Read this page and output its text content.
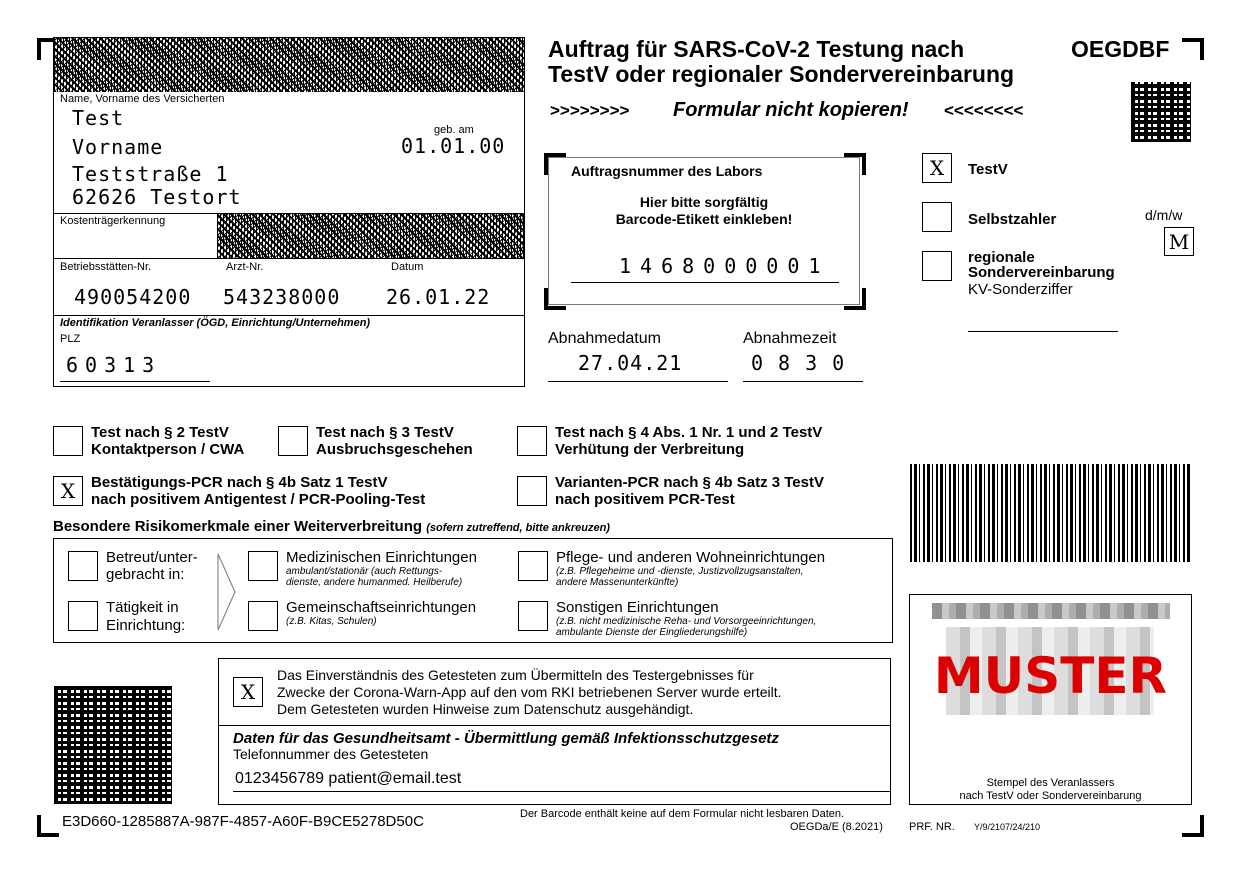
Name, Vorname des Versicherten
Test
Vorname
geb. am
01.01.00
Teststraße 1
62626 Testort
Kostenträgerkennung
Betriebsstätten-Nr.	Arzt-Nr.	Datum
490054200 543238000 26.01.22
Identifikation Veranlasser (ÖGD, Einrichtung/Unternehmen)
PLZ
60313
Auftrag für SARS-CoV-2 Testung nach
TestV oder regionaler Sondervereinbarung
OEGDBF
>>>>>>>> Formular nicht kopieren! <<<<<<<<
Auftragsnummer des Labors
Hier bitte sorgfältig
Barcode-Etikett einkleben!
1468000001
Abnahmedatum
27.04.21
Abnahmezeit
0830
X	TestV
Selbstzahler	d/m/w
M
regionale
Sondervereinbarung
KV-Sonderziffer
Test nach § 2 TestV
Kontaktperson / CWA
Test nach § 3 TestV
Ausbruchsgeschehen
Test nach § 4 Abs. 1 Nr. 1 und 2 TestV
Verhütung der Verbreitung
X	Bestätigungs-PCR nach § 4b Satz 1 TestV
nach positivem Antigentest / PCR-Pooling-Test
Varianten-PCR nach § 4b Satz 3 TestV
nach positivem PCR-Test
Besondere Risikomerkmale einer Weiterverbreitung (sofern zutreffend, bitte ankreuzen)
Betreut/unter-
gebracht in:
Tätigkeit in
Einrichtung:
Medizinischen Einrichtungen
ambulant/stationär (auch Rettungs-
dienste, andere humanmed. Heilberufe)
Pflege- und anderen Wohneinrichtungen
(z.B. Pflegeheime und -dienste, Justizvollzugsanstalten,
andere Massenunterkünfte)
Gemeinschaftseinrichtungen
(z.B. Kitas, Schulen)
Sonstigen Einrichtungen
(z.B. nicht medizinische Reha- und Vorsorgeeinrichtungen,
ambulante Dienste der Eingliederungshilfe)
MUSTER
Stempel des Veranlassers
nach TestV oder Sondervereinbarung
X
Das Einverständnis des Getesteten zum Übermitteln des Testergebnisses für
Zwecke der Corona-Warn-App auf den vom RKI betriebenen Server wurde erteilt.
Dem Getesteten wurden Hinweise zum Datenschutz ausgehändigt.
Daten für das Gesundheitsamt - Übermittlung gemäß Infektionsschutzgesetz
Telefonnummer des Getesteten
0123456789 patient@email.test
E3D660-1285887A-987F-4857-A60F-B9CE5278D50C	Der Barcode enthält keine auf dem Formular nicht lesbaren Daten.
OEGDa/E (8.2021) PRF. NR. Y/9/2107/24/210
